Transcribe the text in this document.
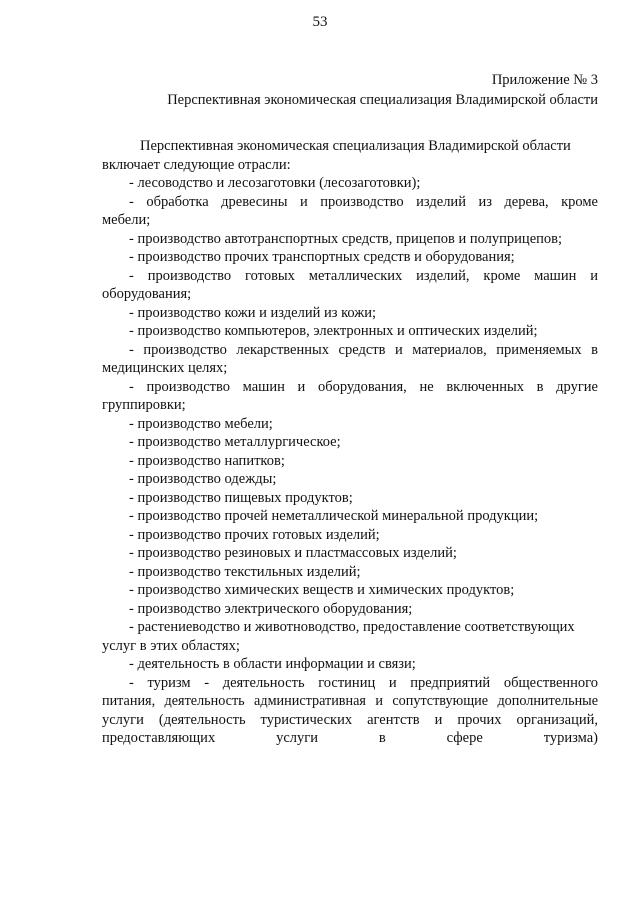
53
Приложение № 3
Перспективная экономическая специализация Владимирской области
Перспективная экономическая специализация Владимирской области
включает следующие отрасли:
- лесоводство и лесозаготовки (лесозаготовки);
- обработка древесины и производство изделий из дерева, кроме
мебели;
- производство автотранспортных средств, прицепов и полуприцепов;
- производство прочих транспортных средств и оборудования;
- производство готовых металлических изделий, кроме машин и
оборудования;
- производство кожи и изделий из кожи;
- производство компьютеров, электронных и оптических изделий;
- производство лекарственных средств и материалов, применяемых в
медицинских целях;
- производство машин и оборудования, не включенных в другие
группировки;
- производство мебели;
- производство металлургическое;
- производство напитков;
- производство одежды;
- производство пищевых продуктов;
- производство прочей неметаллической минеральной продукции;
- производство прочих готовых изделий;
- производство резиновых и пластмассовых изделий;
- производство текстильных изделий;
- производство химических веществ и химических продуктов;
- производство электрического оборудования;
- растениеводство и животноводство, предоставление соответствующих
услуг в этих областях;
- деятельность в области информации и связи;
- туризм - деятельность гостиниц и предприятий общественного
питания, деятельность административная и сопутствующие дополнительные
услуги (деятельность туристических агентств и прочих организаций,
предоставляющих услуги в сфере туризма)
